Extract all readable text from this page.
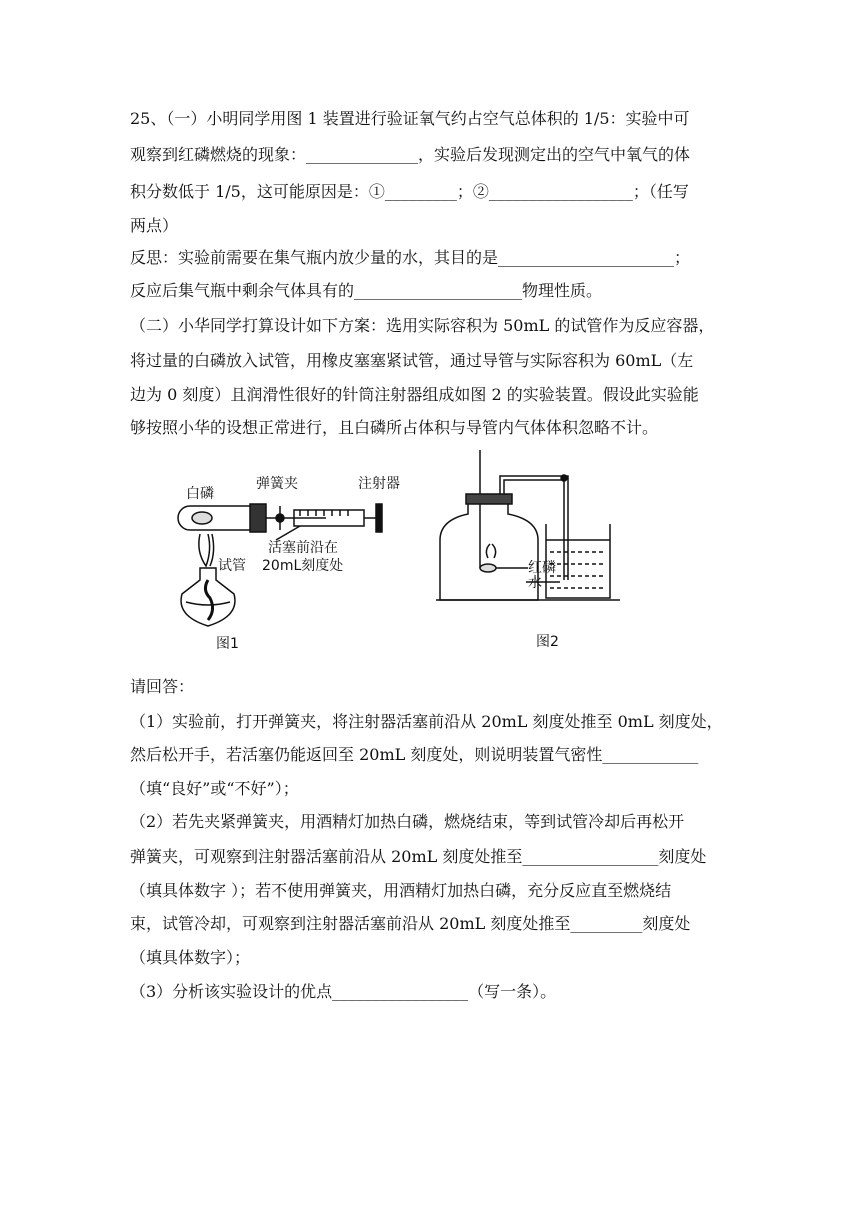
25、（一）小明同学用图 1 装置进行验证氧气约占空气总体积的 1/5：实验中可
观察到红磷燃烧的现象：______________，实验后发现测定出的空气中氧气的体
积分数低于 1/5，这可能原因是：①_________；②__________________；（任写
两点）
反思：实验前需要在集气瓶内放少量的水，其目的是______________________；
反应后集气瓶中剩余气体具有的_____________________物理性质。
（二）小华同学打算设计如下方案：选用实际容积为 50mL 的试管作为反应容器，
将过量的白磷放入试管，用橡皮塞塞紧试管，通过导管与实际容积为 60mL（左
边为 0 刻度）且润滑性很好的针筒注射器组成如图 2 的实验装置。假设此实验能
够按照小华的设想正常进行，且白磷所占体积与导管内气体体积忽略不计。
白磷
弹簧夹	注射器
试管
活塞前沿在
20mL刻度处
图1
红磷
水
图2
请回答：
（1）实验前，打开弹簧夹，将注射器活塞前沿从 20mL 刻度处推至 0mL 刻度处，
然后松开手，若活塞仍能返回至 20mL 刻度处，则说明装置气密性____________
（填“良好”或“不好”）；
（2）若先夹紧弹簧夹，用酒精灯加热白磷，燃烧结束，等到试管冷却后再松开
弹簧夹，可观察到注射器活塞前沿从 20mL 刻度处推至_________________刻度处
（填具体数字 ）；若不使用弹簧夹，用酒精灯加热白磷，充分反应直至燃烧结
束，试管冷却，可观察到注射器活塞前沿从 20mL 刻度处推至_________刻度处
（填具体数字）；
（3）分析该实验设计的优点_________________（写一条）。
